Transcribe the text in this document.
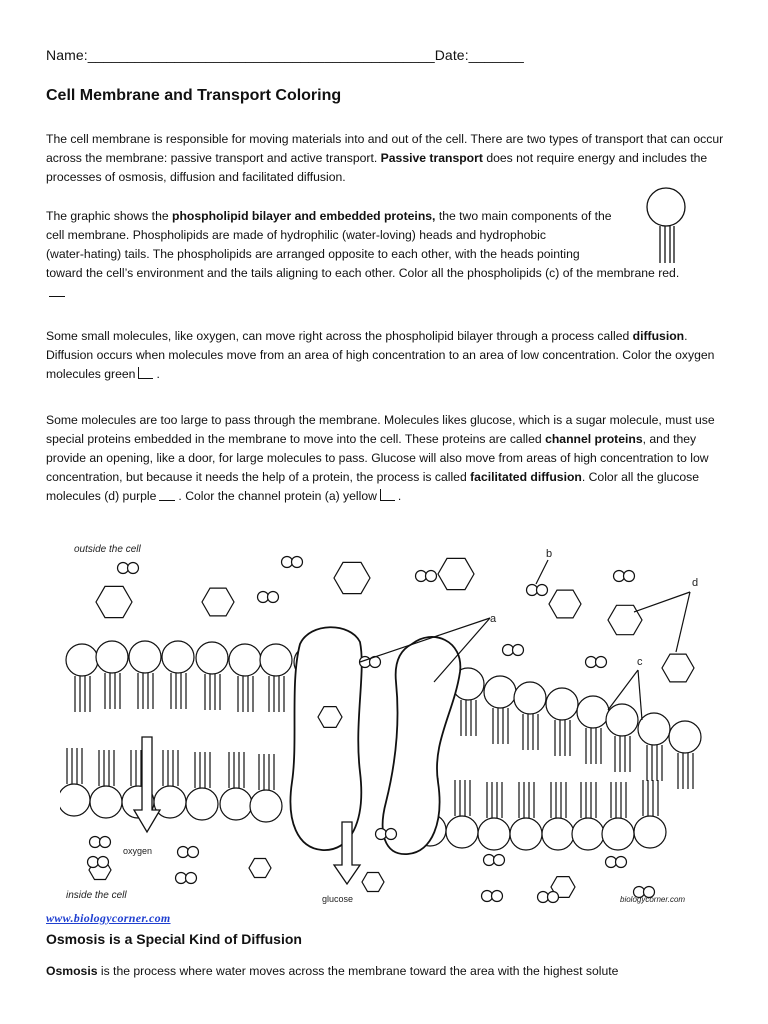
Name:____________________________________________Date:_______
Cell Membrane and Transport Coloring
The cell membrane is responsible for moving materials into and out of the cell. There are two types of transport that can occur across the membrane: passive transport and active transport. Passive transport does not require energy and includes the processes of osmosis, diffusion and facilitated diffusion.
The graphic shows the phospholipid bilayer and embedded proteins, the two main components of the
cell membrane. Phospholipids are made of hydrophilic (water-loving) heads and hydrophobic
(water-hating) tails. The phospholipids are arranged opposite to each other, with the heads pointing
toward the cell’s environment and the tails aligning to each other. Color all the phospholipids (c) of the membrane red.
Some small molecules, like oxygen, can move right across the phospholipid bilayer through a process called diffusion. Diffusion occurs when molecules move from an area of high concentration to an area of low concentration. Color the oxygen molecules green .
Some molecules are too large to pass through the membrane. Molecules likes glucose, which is a sugar molecule, must use special proteins embedded in the membrane to move into the cell. These proteins are called channel proteins, and they provide an opening, like a door, for large molecules to pass. Glucose will also move from areas of high concentration to low concentration, but because it needs the help of a protein, the process is called facilitated diffusion. Color all the glucose molecules (d) purple . Color the channel protein (a) yellow .
outside the cell
inside the cell
oxygen
glucose	biologycorner.com
b
a
d
c
www.biologycorner.com
Osmosis is a Special Kind of Diffusion
Osmosis is the process where water moves across the membrane toward the area with the highest solute
